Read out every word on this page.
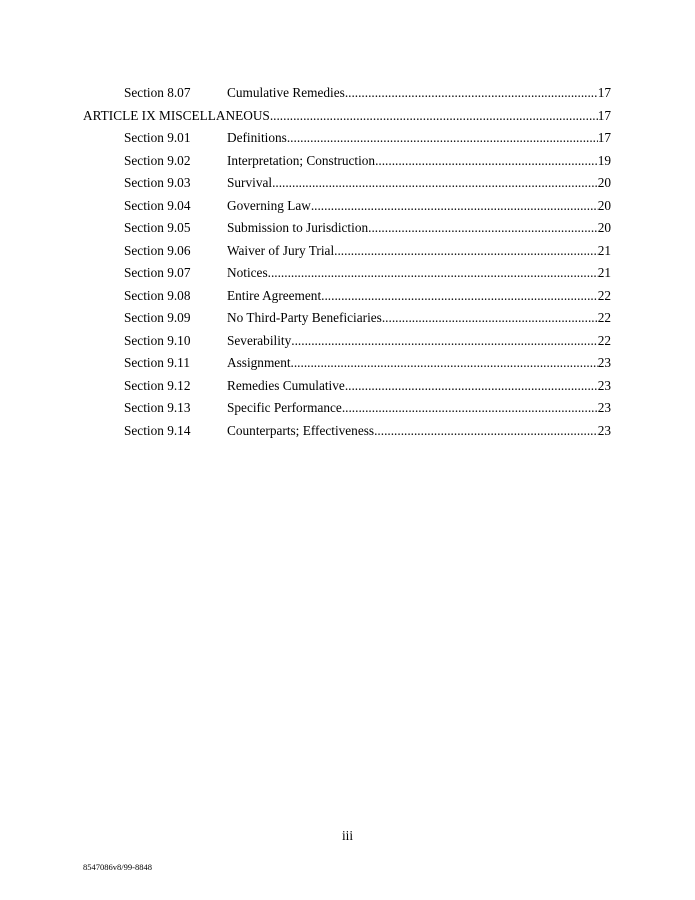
Section 8.07	Cumulative Remedies .....	17
ARTICLE IX MISCELLANEOUS .....	17
Section 9.01	Definitions .....	17
Section 9.02	Interpretation; Construction .....	19
Section 9.03	Survival .....	20
Section 9.04	Governing Law .....	20
Section 9.05	Submission to Jurisdiction .....	20
Section 9.06	Waiver of Jury Trial .....	21
Section 9.07	Notices .....	21
Section 9.08	Entire Agreement .....	22
Section 9.09	No Third-Party Beneficiaries .....	22
Section 9.10	Severability .....	22
Section 9.11	Assignment .....	23
Section 9.12	Remedies Cumulative .....	23
Section 9.13	Specific Performance .....	23
Section 9.14	Counterparts; Effectiveness .....	23
iii
8547086v8/99-8848
